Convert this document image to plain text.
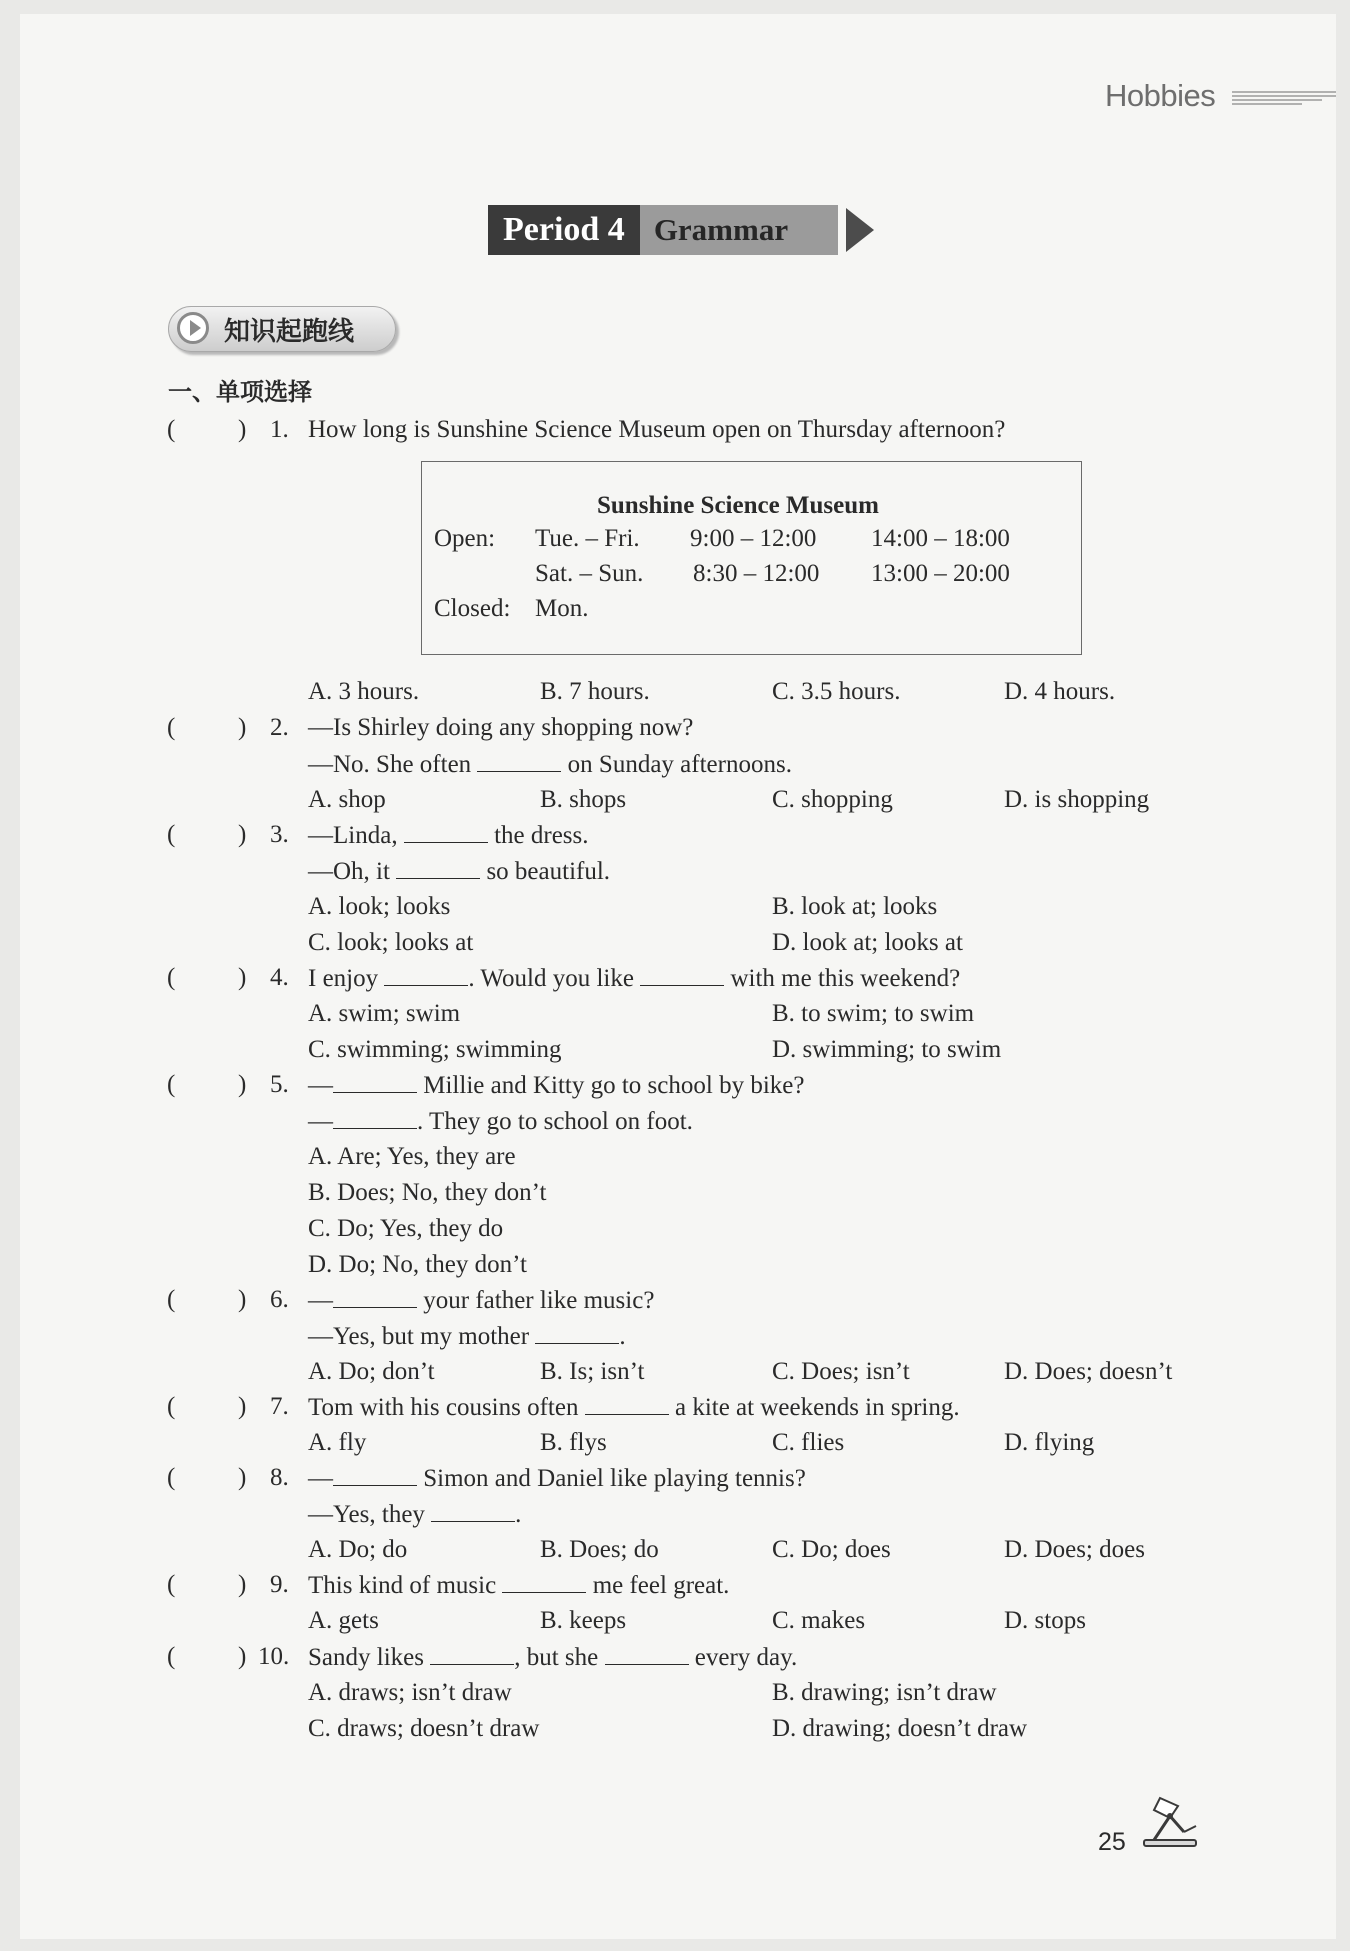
Hobbies
Period 4 Grammar
知识起跑线
一、单项选择
(	) 1. How long is Sunshine Science Museum open on Thursday afternoon?
Sunshine Science Museum
Open: Tue. – Fri. 9:00 – 12:00 14:00 – 18:00
Sat. – Sun. 8:30 – 12:00 13:00 – 20:00
Closed: Mon.
A. 3 hours.	B. 7 hours.	C. 3.5 hours.	D. 4 hours.
(	) 2. —Is Shirley doing any shopping now?
—No. She often	on Sunday afternoons.
A. shop	B. shops	C. shopping	D. is shopping
(	) 3. —Linda,	the dress.
—Oh, it	so beautiful.
A. look; looks	B. look at; looks
C. look; looks at	D. look at; looks at
(	) 4. I enjoy	. Would you like	with me this weekend?
A. swim; swim	B. to swim; to swim
C. swimming; swimming	D. swimming; to swim
(	) 5. —	Millie and Kitty go to school by bike?
—	. They go to school on foot.
A. Are; Yes, they are
B. Does; No, they don’t
C. Do; Yes, they do
D. Do; No, they don’t
(	) 6. —	your father like music?
—Yes, but my mother	.
A. Do; don’t	B. Is; isn’t	C. Does; isn’t	D. Does; doesn’t
(	) 7. Tom with his cousins often	a kite at weekends in spring.
A. fly	B. flys	C. flies	D. flying
(	) 8. —	Simon and Daniel like playing tennis?
—Yes, they	.
A. Do; do	B. Does; do	C. Do; does	D. Does; does
(	) 9. This kind of music	me feel great.
A. gets	B. keeps	C. makes	D. stops
(	) 10. Sandy likes	, but she	every day.
A. draws; isn’t draw	B. drawing; isn’t draw
C. draws; doesn’t draw	D. drawing; doesn’t draw
25
